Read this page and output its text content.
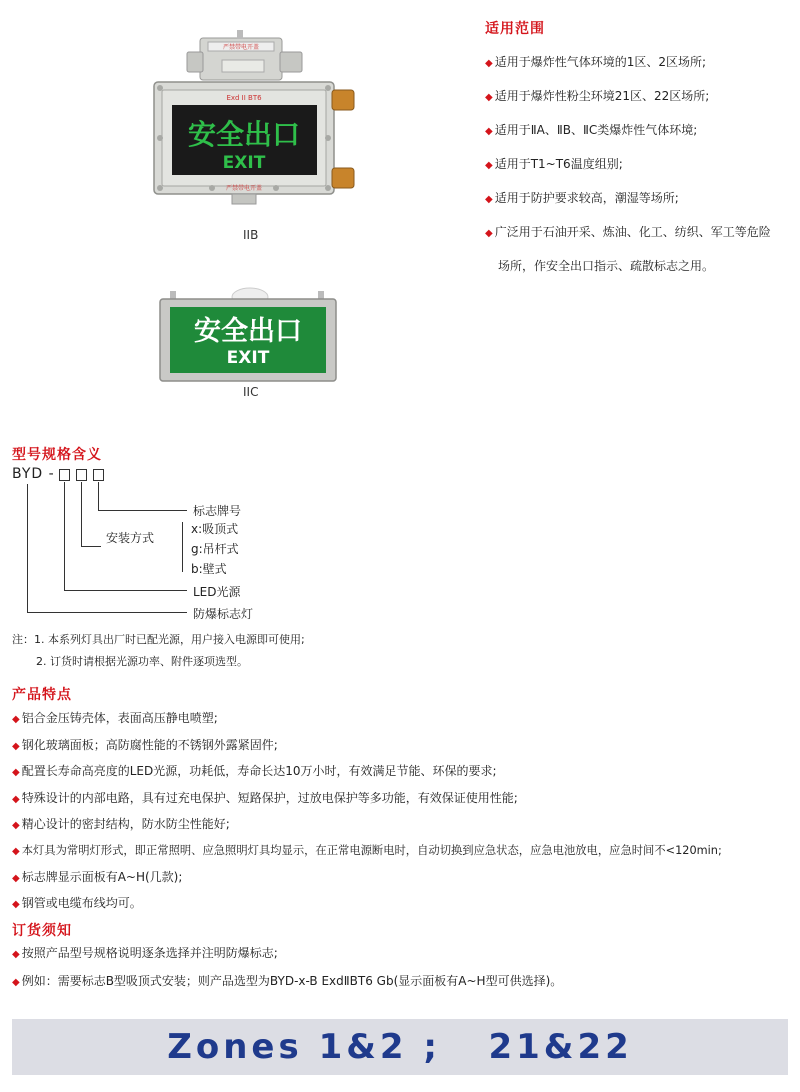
严禁带电开盖
Exd II BT6
安全出口
EXIT
严禁带电开盖
IIB
安全出口
EXIT
IIC
适用范围
◆ 适用于爆炸性气体环境的1区、2区场所;
◆ 适用于爆炸性粉尘环境21区、22区场所;
◆ 适用于ⅡA、ⅡB、ⅡC类爆炸性气体环境;
◆ 适用于T1~T6温度组别;
◆ 适用于防护要求较高，潮湿等场所;
◆ 广泛用于石油开采、炼油、化工、纺织、军工等危险
场所，作安全出口指示、疏散标志之用。
型号规格含义
BYD -
标志牌号
安装方式
x:吸顶式
g:吊杆式
b:壁式
LED光源
防爆标志灯
注：1. 本系列灯具出厂时已配光源，用户接入电源即可使用;
2. 订货时请根据光源功率、附件逐项选型。
产品特点
◆ 铝合金压铸壳体，表面高压静电喷塑;
◆ 钢化玻璃面板；高防腐性能的不锈钢外露紧固件;
◆ 配置长寿命高亮度的LED光源，功耗低，寿命长达10万小时，有效满足节能、环保的要求;
◆ 特殊设计的内部电路，具有过充电保护、短路保护，过放电保护等多功能，有效保证使用性能;
◆ 精心设计的密封结构，防水防尘性能好;
◆ 本灯具为常明灯形式，即正常照明、应急照明灯具均显示，在正常电源断电时，自动切换到应急状态，应急电池放电，应急时间不<120min;
◆ 标志牌显示面板有A~H(几款);
◆ 钢管或电缆布线均可。
订货须知
◆ 按照产品型号规格说明逐条选择并注明防爆标志;
◆ 例如：需要标志B型吸顶式安装；则产品选型为BYD-x-B ExdⅡBT6 Gb(显示面板有A~H型可供选择)。
Zones 1&2 ;   21&22
